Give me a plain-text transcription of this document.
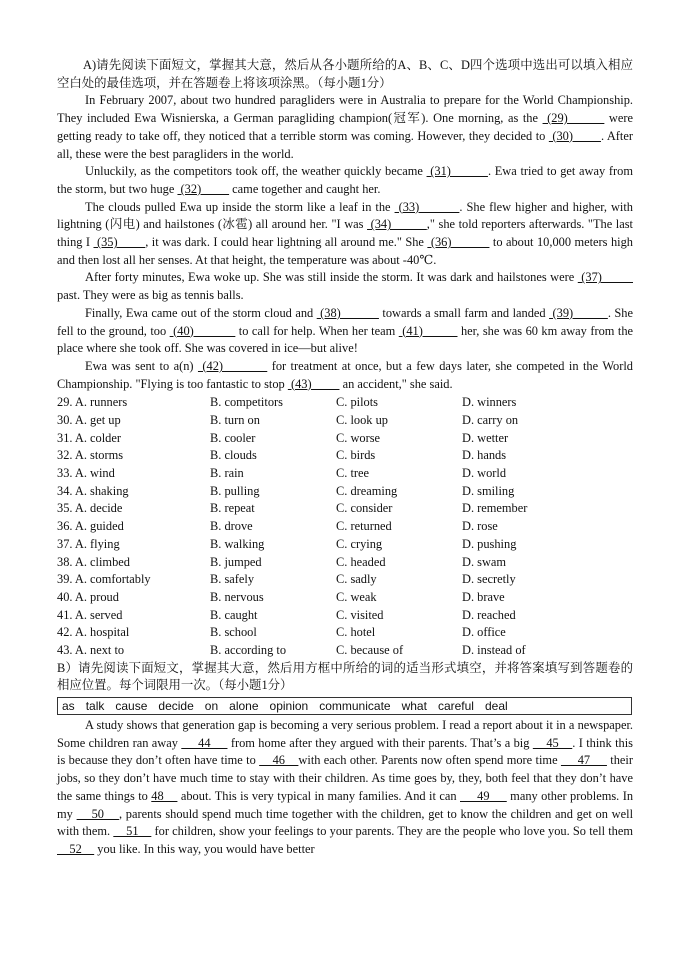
A)请先阅读下面短文，掌握其大意，然后从各小题所给的A、B、C、D四个选项中选出可以填入相应空白处的最佳选项，并在答题卷上将该项涂黑。（每小题1分）

In February 2007, about two hundred paragliders were in Australia to prepare for the World Championship. They included Ewa Wisnierska, a German paragliding champion(冠军). One morning, as the  (29)         were getting ready to take off, they noticed that a terrible storm was coming. However, they decided to  (30)        . After all, these were the best paragliders in the world.

Unluckily, as the competitors took off, the weather quickly became  (31)          . Ewa tried to get away from the storm, but two huge  (32)          came together and caught her.

The clouds pulled Ewa up inside the storm like a leaf in the  (33)          . She flew higher and higher, with lightning (闪电) and hailstones (冰雹) all around her. "I was  (34)          ," she told reporters afterwards. "The last thing I  (35)        , it was dark. I could hear lightning all around me." She  (36)            to about 10,000 meters high and then lost all her senses. At that height, the temperature was about -40℃.

After forty minutes, Ewa woke up. She was still inside the storm. It was dark and hailstones were  (37)          past. They were as big as tennis balls.

Finally, Ewa came out of the storm cloud and  (38)            towards a small farm and landed  (39)          . She fell to the ground, too  (40)             to call for help. When her team  (41)           her, she was 60 km away from the place where she took off. She was covered in ice—but alive!

Ewa was sent to a(n)  (42)           for treatment at once, but a few days later, she competed in the World Championship. "Flying is too fantastic to stop  (43)          an accident," she said.

29. A. runners	B. competitors	C. pilots	D. winners
30. A. get up	B. turn on	C. look up	D. carry on
31. A. colder	B. cooler	C. worse	D. wetter
32. A. storms	B. clouds	C. birds	D. hands
33. A. wind	B. rain	C. tree	D. world
34. A. shaking	B. pulling	C. dreaming	D. smiling
35. A. decide	B. repeat	C. consider	D. remember
36. A. guided	B. drove	C. returned	D. rose
37. A. flying	B. walking	C. crying	D. pushing
38. A. climbed	B. jumped	C. headed	D. swam
39. A. comfortably	B. safely	C. sadly	D. secretly
40. A. proud	B. nervous	C. weak	D. brave
41. A. served	B. caught	C. visited	D. reached
42. A. hospital	B. school	C. hotel	D. office
43. A. next to	B. according to	C. because of	D. instead of

B）请先阅读下面短文，掌握其大意，然后用方框中所给的词的适当形式填空，并将答案填写到答题卷的相应位置。每个词限用一次。（每小题1分）

as talk cause decide on alone opinion communicate what careful deal

A study shows that generation gap is becoming a very serious problem. I read a report about it in a newspaper. Some children ran away      44      from home after they argued with their parents. That’s a big     45    . I think this is because they don’t often have time to     46    with each other. Parents now often spend more time      47      their jobs, so they don’t have much time to stay with their children. As time goes by, they, both feel that they don’t have the same things to 48     about. This is very typical in many families. And it can      49      many other problems. In my     50    , parents should spend much time together with the children, get to know the children and get on well with them.     51     for children, show your feelings to your parents. They are the people who love you. So tell them     52     you like. In this way, you would have better
